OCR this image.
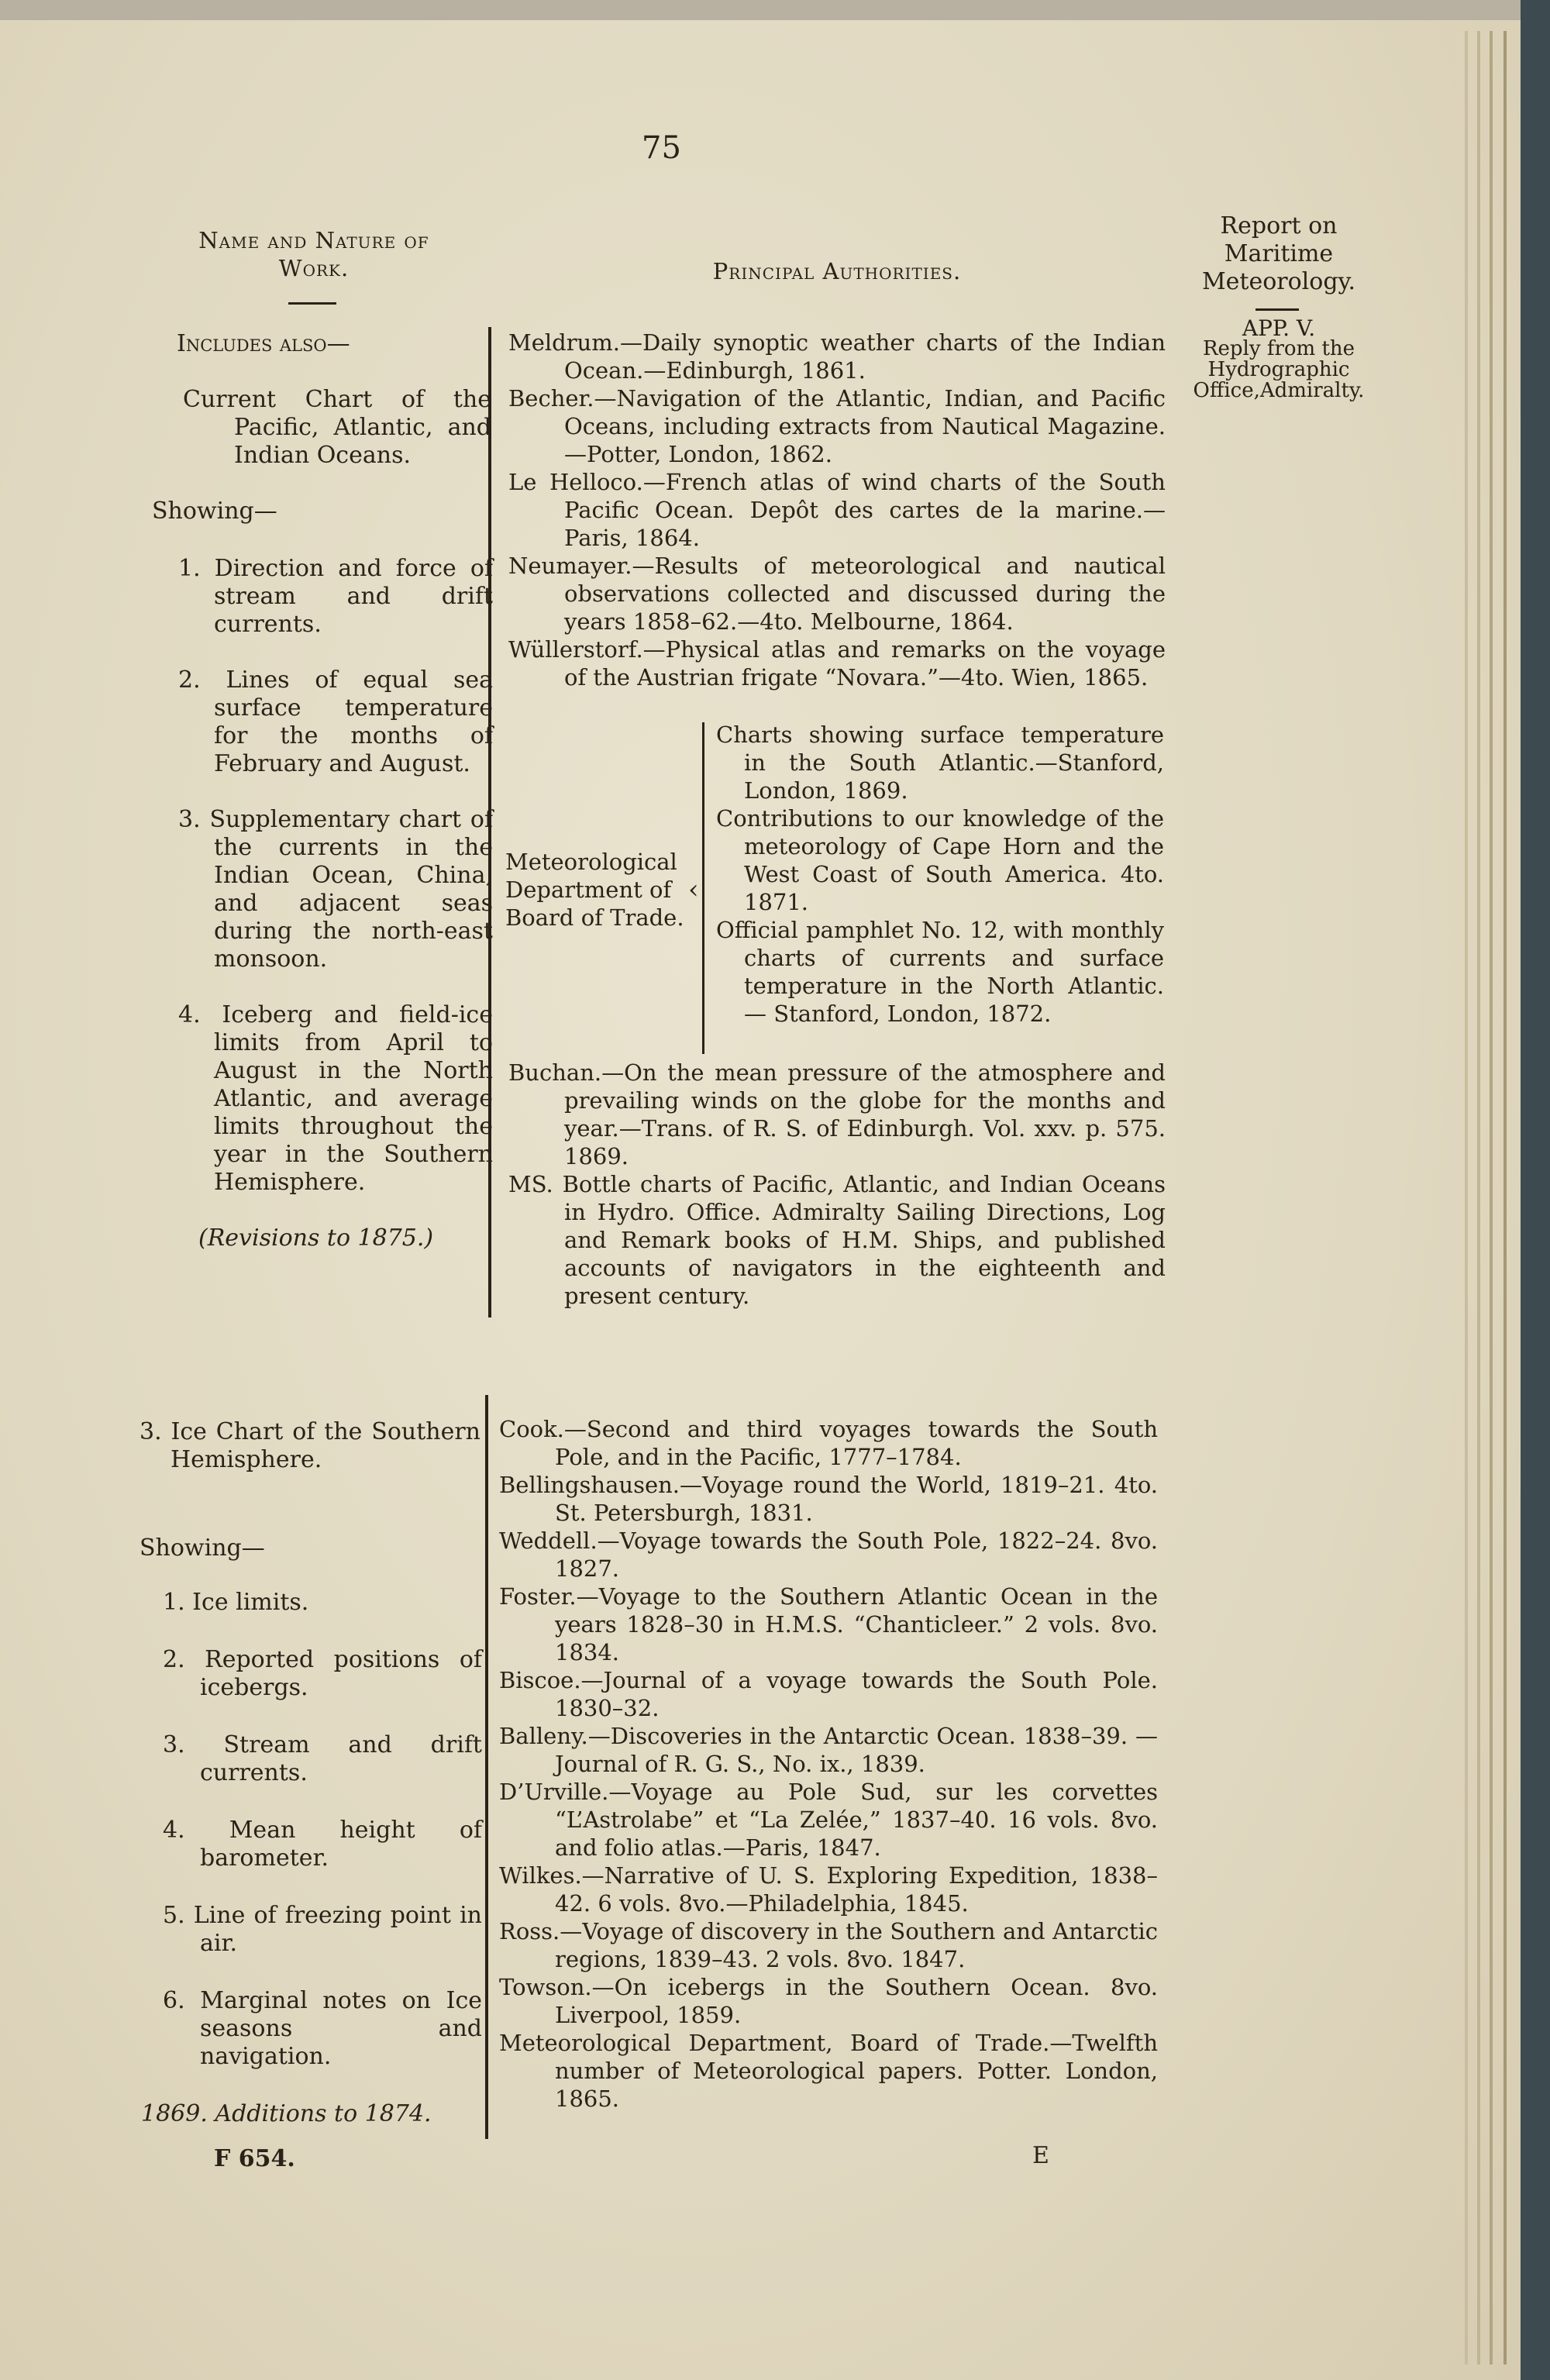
75
Name and Nature of Work.	Principal Authorities.
Report on
Maritime
Meteorology.
APP. V.
Reply from the
Hydrographic
Office,Admiralty.
Includes also—
Current Chart of the Pacific, Atlantic, and Indian Oceans.
Showing—
1. Direction and force of stream and drift currents.
2. Lines of equal sea surface temperature for the months of February and August.
3. Supplementary chart of the currents in the Indian Ocean, China, and adjacent seas during the north-east monsoon.
4. Iceberg and field-ice limits from April to August in the North Atlantic, and average limits throughout the year in the Southern Hemisphere.
(Revisions to 1875.)

Meldrum.—Daily synoptic weather charts of the Indian Ocean.—Edinburgh, 1861.

Becher.—Navigation of the Atlantic, Indian, and Pacific Oceans, including extracts from Nautical Magazine.—Potter, London, 1862.

Le Helloco.—French atlas of wind charts of the South Pacific Ocean. Depôt des cartes de la marine.—Paris, 1864.

Neumayer.—Results of meteorological and nautical observations collected and discussed during the years 1858–62.—4to. Melbourne, 1864.

Wüllerstorf.—Physical atlas and remarks on the voyage of the Austrian frigate “Novara.”—4to. Wien, 1865.

Meteorological Department of Board of Trade.
‹

Charts showing surface temperature in the South Atlantic.—Stanford, London, 1869.

Contributions to our knowledge of the meteorology of Cape Horn and the West Coast of South America. 4to. 1871.

Official pamphlet No. 12, with monthly charts of currents and surface temperature in the North Atlantic. — Stanford, London, 1872.

Buchan.—On the mean pressure of the atmosphere and prevailing winds on the globe for the months and year.—Trans. of R. S. of Edinburgh. Vol. xxv. p. 575. 1869.

MS. Bottle charts of Pacific, Atlantic, and Indian Oceans in Hydro. Office. Admiralty Sailing Directions, Log and Remark books of H.M. Ships, and published accounts of navigators in the eighteenth and present century.

3. Ice Chart of the Southern Hemisphere.
Showing—
1. Ice limits.
2. Reported positions of icebergs.
3. Stream and drift currents.
4. Mean height of barometer.
5. Line of freezing point in air.
6. Marginal notes on Ice seasons and navigation.
1869. Additions to 1874.

Cook.—Second and third voyages towards the South Pole, and in the Pacific, 1777–1784.

Bellingshausen.—Voyage round the World, 1819–21. 4to. St. Petersburgh, 1831.

Weddell.—Voyage towards the South Pole, 1822–24. 8vo. 1827.

Foster.—Voyage to the Southern Atlantic Ocean in the years 1828–30 in H.M.S. “Chanticleer.” 2 vols. 8vo. 1834.

Biscoe.—Journal of a voyage towards the South Pole. 1830–32.

Balleny.—Discoveries in the Antarctic Ocean. 1838–39. —Journal of R. G. S., No. ix., 1839.

D’Urville.—Voyage au Pole Sud, sur les corvettes “L’Astrolabe” et “La Zelée,” 1837–40. 16 vols. 8vo. and folio atlas.—Paris, 1847.

Wilkes.—Narrative of U. S. Exploring Expedition, 1838–42. 6 vols. 8vo.—Philadelphia, 1845.

Ross.—Voyage of discovery in the Southern and Antarctic regions, 1839–43. 2 vols. 8vo. 1847.

Towson.—On icebergs in the Southern Ocean. 8vo. Liverpool, 1859.

Meteorological Department, Board of Trade.—Twelfth number of Meteorological papers. Potter. London, 1865.

F 654.	E
